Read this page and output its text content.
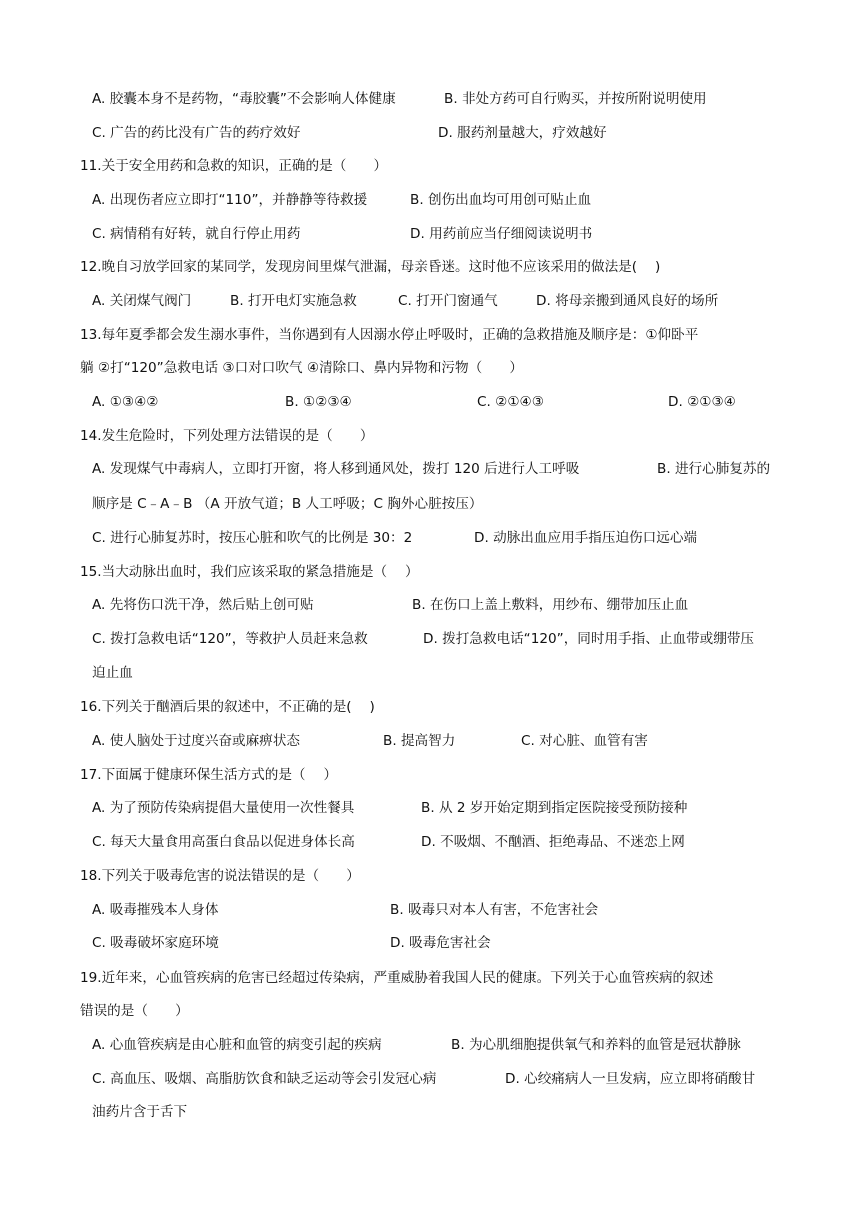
A. 胶囊本身不是药物，“毒胶囊”不会影响人体健康	B. 非处方药可自行购买，并按所附说明使用
C. 广告的药比没有广告的药疗效好	D. 服药剂量越大，疗效越好
11.关于安全用药和急救的知识，正确的是（　　）
A. 出现伤者应立即打“110”，并静静等待救援	B. 创伤出血均可用创可贴止血
C. 病情稍有好转，就自行停止用药	D. 用药前应当仔细阅读说明书
12.晚自习放学回家的某同学，发现房间里煤气泄漏，母亲昏迷。这时他不应该采用的做法是(　 )
A. 关闭煤气阀门	B. 打开电灯实施急救	C. 打开门窗通气	D. 将母亲搬到通风良好的场所
13.每年夏季都会发生溺水事件，当你遇到有人因溺水停止呼吸时，正确的急救措施及顺序是：①仰卧平
躺 ②打“120”急救电话 ③口对口吹气 ④清除口、鼻内异物和污物（　　）
A. ①③④②	B. ①②③④	C. ②①④③	D. ②①③④
14.发生危险时，下列处理方法错误的是（　　）
A. 发现煤气中毒病人，立即打开窗，将人移到通风处，拨打 120 后进行人工呼吸	B. 进行心肺复苏的
顺序是 C﹣A﹣B （A 开放气道；B 人工呼吸；C 胸外心脏按压）
C. 进行心肺复苏时，按压心脏和吹气的比例是 30：2	D. 动脉出血应用手指压迫伤口远心端
15.当大动脉出血时，我们应该采取的紧急措施是（　 ）
A. 先将伤口洗干净，然后贴上创可贴	B. 在伤口上盖上敷料，用纱布、绷带加压止血
C. 拨打急救电话“120”，等救护人员赶来急救	D. 拨打急救电话“120”，同时用手指、止血带或绷带压
迫止血
16.下列关于酗酒后果的叙述中，不正确的是(　 )
A. 使人脑处于过度兴奋或麻痹状态	B. 提高智力	C. 对心脏、血管有害
17.下面属于健康环保生活方式的是（　 ）
A. 为了预防传染病提倡大量使用一次性餐具	B. 从 2 岁开始定期到指定医院接受预防接种
C. 每天大量食用高蛋白食品以促进身体长高	D. 不吸烟、不酗酒、拒绝毒品、不迷恋上网
18.下列关于吸毒危害的说法错误的是（　　）
A. 吸毒摧残本人身体	B. 吸毒只对本人有害，不危害社会
C. 吸毒破坏家庭环境	D. 吸毒危害社会
19.近年来，心血管疾病的危害已经超过传染病，严重威胁着我国人民的健康。下列关于心血管疾病的叙述
错误的是（　　）
A. 心血管疾病是由心脏和血管的病变引起的疾病	B. 为心肌细胞提供氧气和养料的血管是冠状静脉
C. 高血压、吸烟、高脂肪饮食和缺乏运动等会引发冠心病	D. 心绞痛病人一旦发病，应立即将硝酸甘
油药片含于舌下
